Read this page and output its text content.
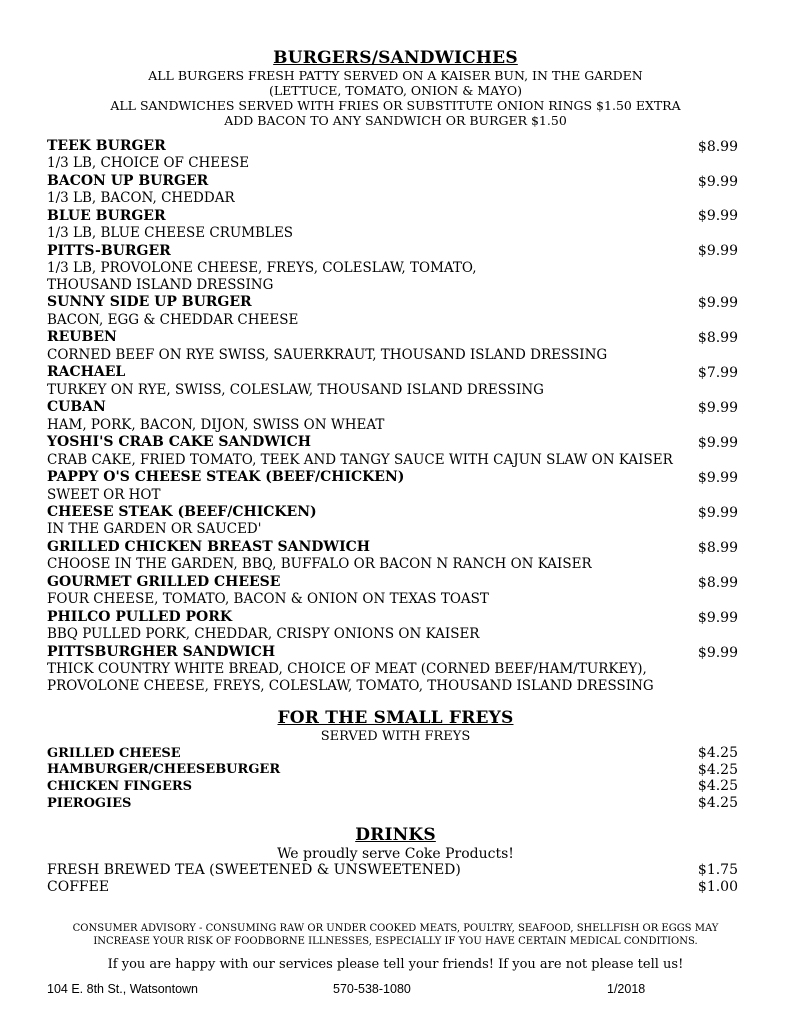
BURGERS/SANDWICHES
ALL BURGERS FRESH PATTY SERVED ON A KAISER BUN, IN THE GARDEN
(LETTUCE, TOMATO, ONION & MAYO)
ALL SANDWICHES SERVED WITH FRIES OR SUBSTITUTE ONION RINGS $1.50 EXTRA
ADD BACON TO ANY SANDWICH OR BURGER $1.50
TEEK BURGER	$8.99
1/3 LB, CHOICE OF CHEESE
BACON UP BURGER	$9.99
1/3 LB, BACON, CHEDDAR
BLUE BURGER	$9.99
1/3 LB, BLUE CHEESE CRUMBLES
PITTS-BURGER	$9.99
1/3 LB, PROVOLONE CHEESE, FREYS, COLESLAW, TOMATO,
THOUSAND ISLAND DRESSING
SUNNY SIDE UP BURGER	$9.99
BACON, EGG & CHEDDAR CHEESE
REUBEN	$8.99
CORNED BEEF ON RYE SWISS, SAUERKRAUT, THOUSAND ISLAND DRESSING
RACHAEL	$7.99
TURKEY ON RYE, SWISS, COLESLAW, THOUSAND ISLAND DRESSING
CUBAN	$9.99
HAM, PORK, BACON, DIJON, SWISS ON WHEAT
YOSHI'S CRAB CAKE SANDWICH	$9.99
CRAB CAKE, FRIED TOMATO, TEEK AND TANGY SAUCE WITH CAJUN SLAW ON KAISER
PAPPY O'S CHEESE STEAK (BEEF/CHICKEN)	$9.99
SWEET OR HOT
CHEESE STEAK (BEEF/CHICKEN)	$9.99
IN THE GARDEN OR SAUCED'
GRILLED CHICKEN BREAST SANDWICH	$8.99
CHOOSE IN THE GARDEN, BBQ, BUFFALO OR BACON N RANCH ON KAISER
GOURMET GRILLED CHEESE	$8.99
FOUR CHEESE, TOMATO, BACON & ONION ON TEXAS TOAST
PHILCO PULLED PORK	$9.99
BBQ PULLED PORK, CHEDDAR, CRISPY ONIONS ON KAISER
PITTSBURGHER SANDWICH	$9.99
THICK COUNTRY WHITE BREAD, CHOICE OF MEAT (CORNED BEEF/HAM/TURKEY),
PROVOLONE CHEESE, FREYS, COLESLAW, TOMATO, THOUSAND ISLAND DRESSING
FOR THE SMALL FREYS
SERVED WITH FREYS
GRILLED CHEESE	$4.25
HAMBURGER/CHEESEBURGER	$4.25
CHICKEN FINGERS	$4.25
PIEROGIES	$4.25
DRINKS
We proudly serve Coke Products!
FRESH BREWED TEA (SWEETENED & UNSWEETENED)	$1.75
COFFEE	$1.00
CONSUMER ADVISORY - CONSUMING RAW OR UNDER COOKED MEATS, POULTRY, SEAFOOD, SHELLFISH OR EGGS MAY
INCREASE YOUR RISK OF FOODBORNE ILLNESSES, ESPECIALLY IF YOU HAVE CERTAIN MEDICAL CONDITIONS.
If you are happy with our services please tell your friends! If you are not please tell us!
104 E. 8th St., Watsontown	570-538-1080	1/2018
